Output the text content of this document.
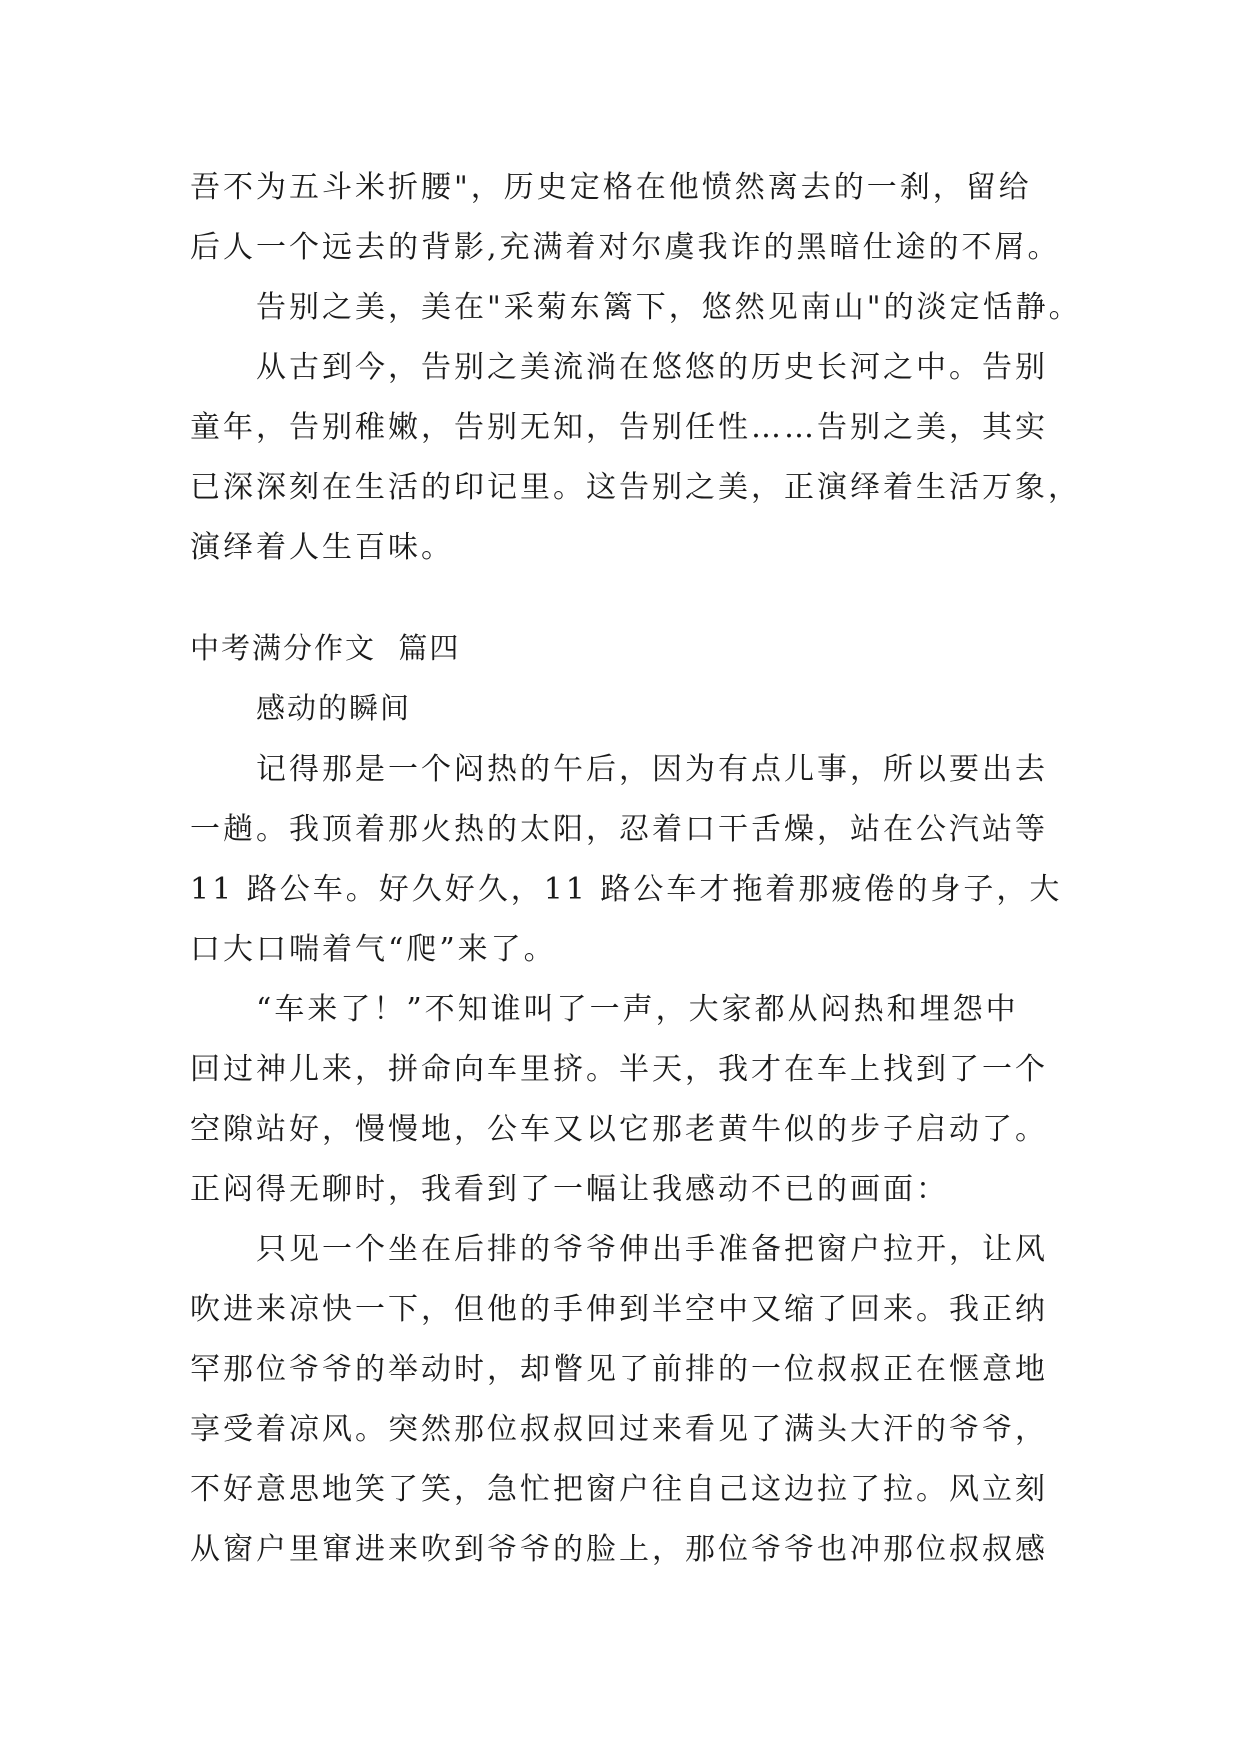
吾不为五斗米折腰"，历史定格在他愤然离去的一刹，留给
后人一个远去的背影,充满着对尔虞我诈的黑暗仕途的不屑。
告别之美，美在"采菊东篱下，悠然见南山"的淡定恬静。
从古到今，告别之美流淌在悠悠的历史长河之中。告别
童年，告别稚嫩，告别无知，告别任性……告别之美，其实
已深深刻在生活的印记里。这告别之美，正演绎着生活万象，
演绎着人生百味。
中考满分作文  篇四
感动的瞬间
记得那是一个闷热的午后，因为有点儿事，所以要出去
一趟。我顶着那火热的太阳，忍着口干舌燥，站在公汽站等
11 路公车。好久好久，11 路公车才拖着那疲倦的身子，大
口大口喘着气“爬”来了。
“车来了！”不知谁叫了一声，大家都从闷热和埋怨中
回过神儿来，拼命向车里挤。半天，我才在车上找到了一个
空隙站好，慢慢地，公车又以它那老黄牛似的步子启动了。
正闷得无聊时，我看到了一幅让我感动不已的画面：
只见一个坐在后排的爷爷伸出手准备把窗户拉开，让风
吹进来凉快一下，但他的手伸到半空中又缩了回来。我正纳
罕那位爷爷的举动时，却瞥见了前排的一位叔叔正在惬意地
享受着凉风。突然那位叔叔回过来看见了满头大汗的爷爷，
不好意思地笑了笑，急忙把窗户往自己这边拉了拉。风立刻
从窗户里窜进来吹到爷爷的脸上，那位爷爷也冲那位叔叔感
